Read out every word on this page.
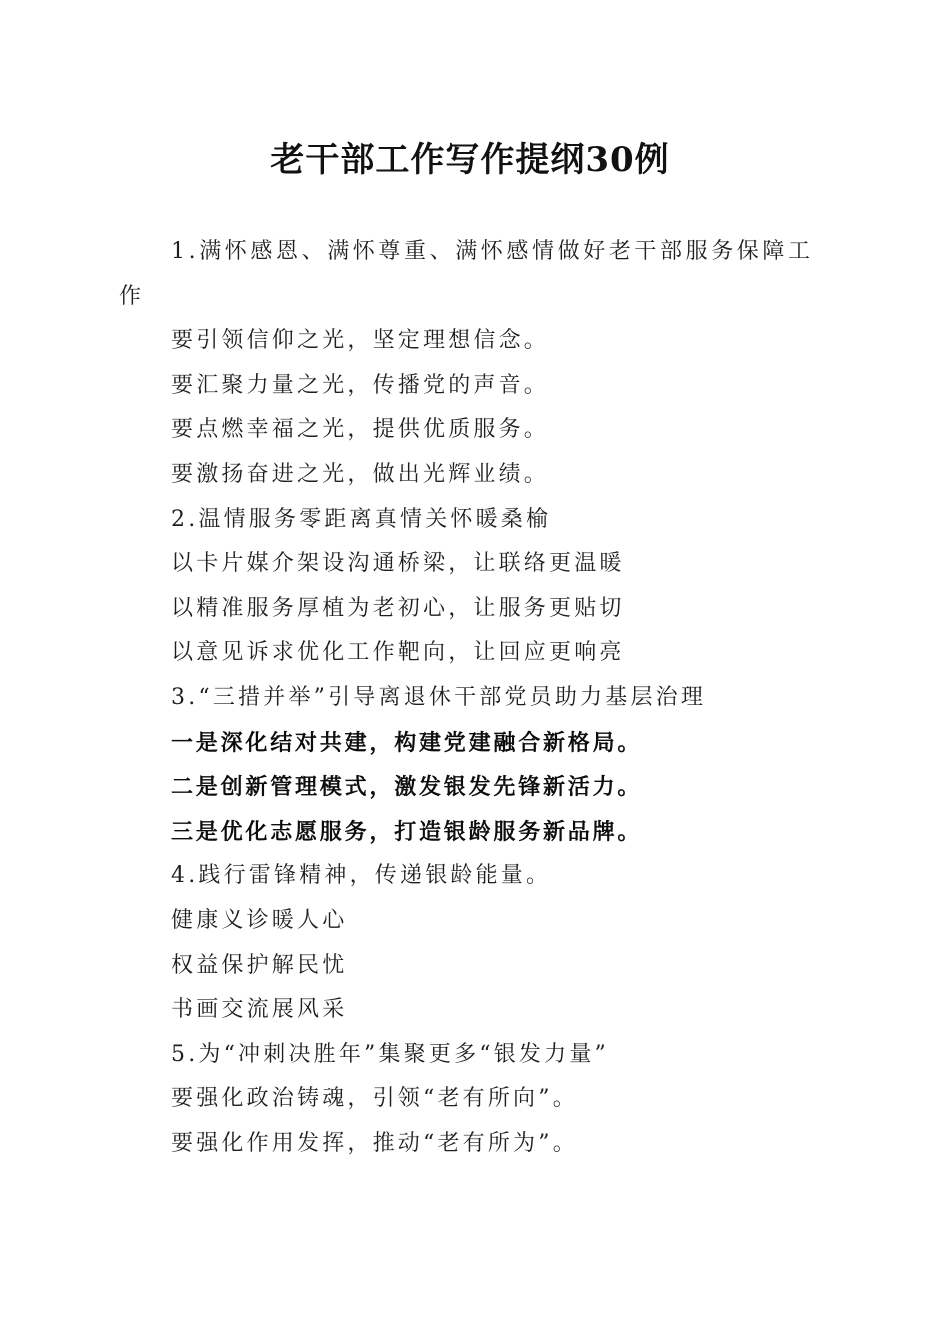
老干部工作写作提纲30例
1.满怀感恩、满怀尊重、满怀感情做好老干部服务保障工
作
要引领信仰之光，坚定理想信念。
要汇聚力量之光，传播党的声音。
要点燃幸福之光，提供优质服务。
要激扬奋进之光，做出光辉业绩。
2.温情服务零距离真情关怀暖桑榆
以卡片媒介架设沟通桥梁，让联络更温暖
以精准服务厚植为老初心，让服务更贴切
以意见诉求优化工作靶向，让回应更响亮
3.“三措并举”引导离退休干部党员助力基层治理
一是深化结对共建，构建党建融合新格局。
二是创新管理模式，激发银发先锋新活力。
三是优化志愿服务，打造银龄服务新品牌。
4.践行雷锋精神，传递银龄能量。
健康义诊暖人心
权益保护解民忧
书画交流展风采
5.为“冲刺决胜年”集聚更多“银发力量”
要强化政治铸魂，引领“老有所向”。
要强化作用发挥，推动“老有所为”。
